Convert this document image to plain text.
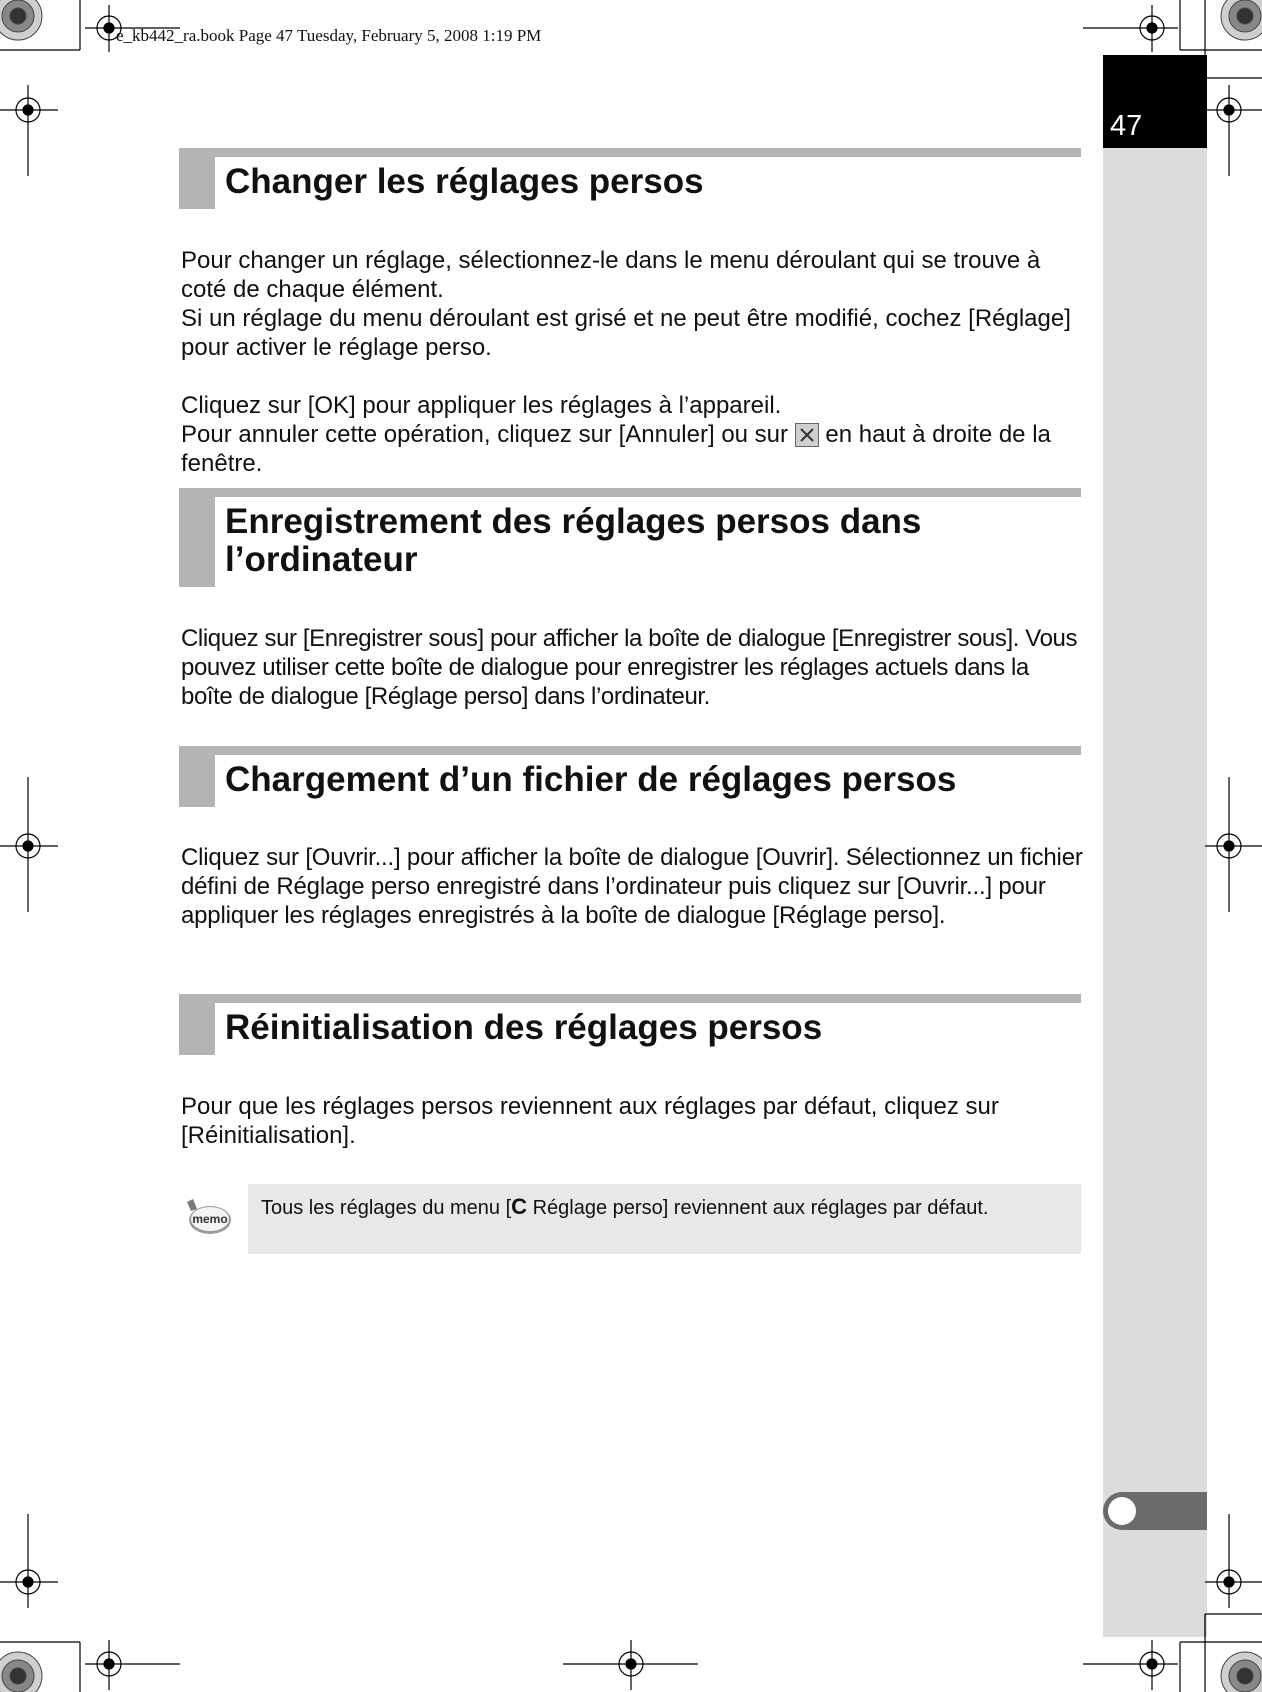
e_kb442_ra.book Page 47 Tuesday, February 5, 2008 1:19 PM
47
Changer les réglages persos

Pour changer un réglage, sélectionnez-le dans le menu déroulant qui se trouve à coté de chaque élément.

Si un réglage du menu déroulant est grisé et ne peut être modifié, cochez [Réglage] pour activer le réglage perso.

Cliquez sur [OK] pour appliquer les réglages à l’appareil.

Pour annuler cette opération, cliquez sur [Annuler] ou sur en haut à droite de la fenêtre.

Enregistrement des réglages persos dans l’ordinateur

Cliquez sur [Enregistrer sous] pour afficher la boîte de dialogue [Enregistrer sous]. Vous pouvez utiliser cette boîte de dialogue pour enregistrer les réglages actuels dans la boîte de dialogue [Réglage perso] dans l’ordinateur.

Chargement d’un fichier de réglages persos

Cliquez sur [Ouvrir...] pour afficher la boîte de dialogue [Ouvrir]. Sélectionnez un fichier défini de Réglage perso enregistré dans l’ordinateur puis cliquez sur [Ouvrir...] pour appliquer les réglages enregistrés à la boîte de dialogue [Réglage perso].

Réinitialisation des réglages persos

Pour que les réglages persos reviennent aux réglages par défaut, cliquez sur [Réinitialisation].

memo Tous les réglages du menu [C Réglage perso] reviennent aux réglages par défaut.
